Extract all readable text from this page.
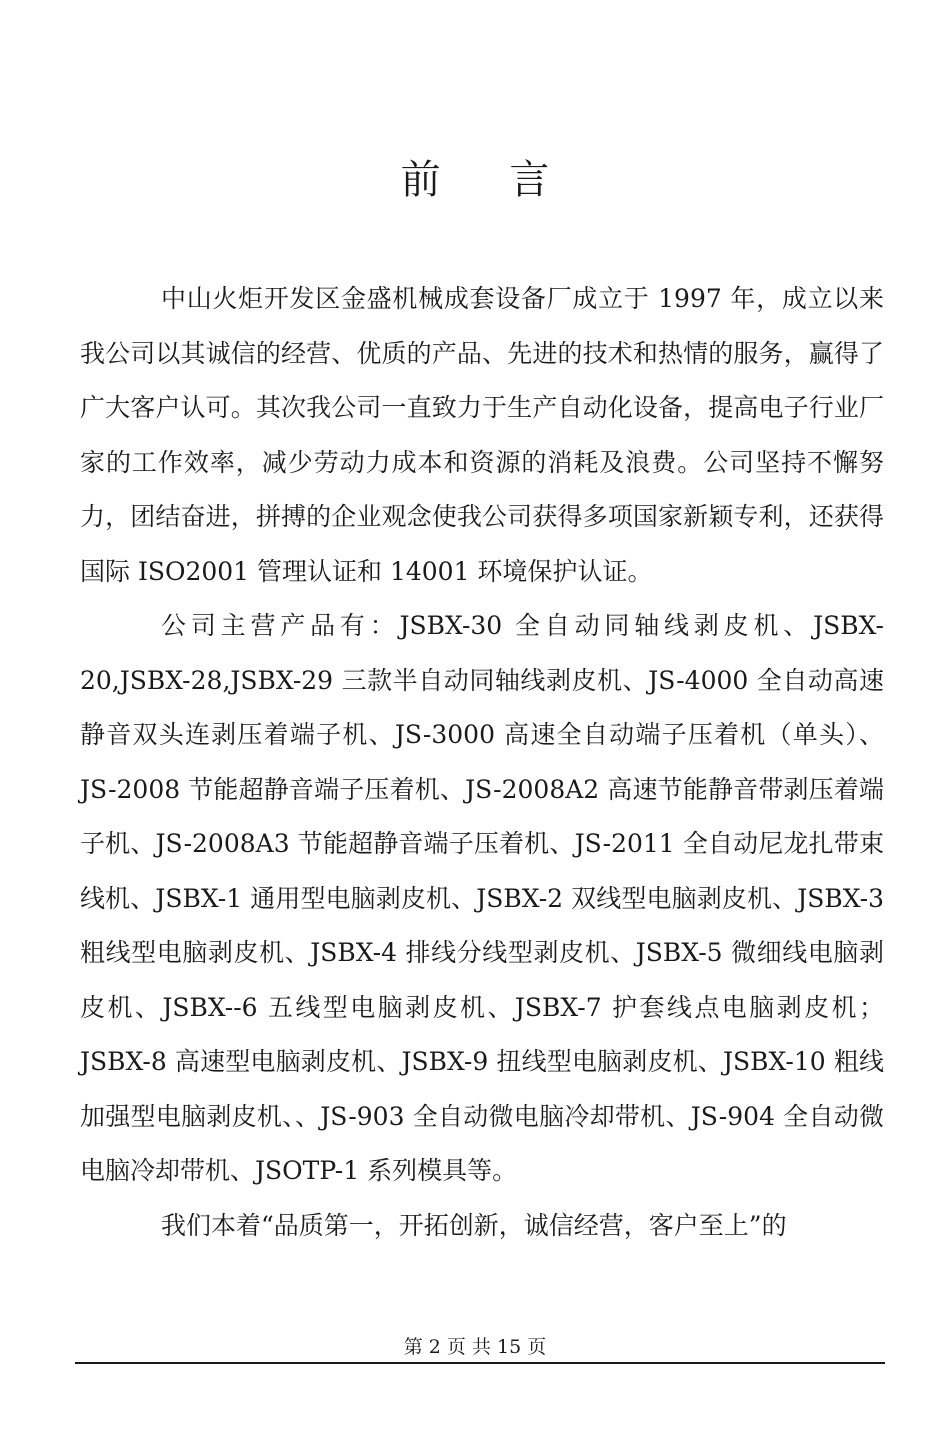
前 言

中山火炬开发区金盛机械成套设备厂成立于 1997 年，成立以来我公司以其诚信的经营、优质的产品、先进的技术和热情的服务，赢得了广大客户认可。其次我公司一直致力于生产自动化设备，提高电子行业厂家的工作效率，减少劳动力成本和资源的消耗及浪费。公司坚持不懈努力，团结奋进，拼搏的企业观念使我公司获得多项国家新颖专利，还获得国际 ISO2001 管理认证和 14001 环境保护认证。

公司主营产品有：JSBX-30 全自动同轴线剥皮机、JSBX-20,JSBX-28,JSBX-29 三款半自动同轴线剥皮机、JS-4000 全自动高速静音双头连剥压着端子机、JS-3000 高速全自动端子压着机（单头）、JS-2008 节能超静音端子压着机、JS-2008A2 高速节能静音带剥压着端子机、JS-2008A3 节能超静音端子压着机、JS-2011 全自动尼龙扎带束线机、JSBX-1 通用型电脑剥皮机、JSBX-2 双线型电脑剥皮机、JSBX-3 粗线型电脑剥皮机、JSBX-4 排线分线型剥皮机、JSBX-5 微细线电脑剥皮机、JSBX--6 五线型电脑剥皮机、JSBX-7 护套线点电脑剥皮机；JSBX-8 高速型电脑剥皮机、JSBX-9 扭线型电脑剥皮机、JSBX-10 粗线加强型电脑剥皮机、、JS-903 全自动微电脑冷却带机、JS-904 全自动微电脑冷却带机、JSOTP-1 系列模具等。

我们本着“品质第一，开拓创新，诚信经营，客户至上”的

第 2 页 共 15 页
